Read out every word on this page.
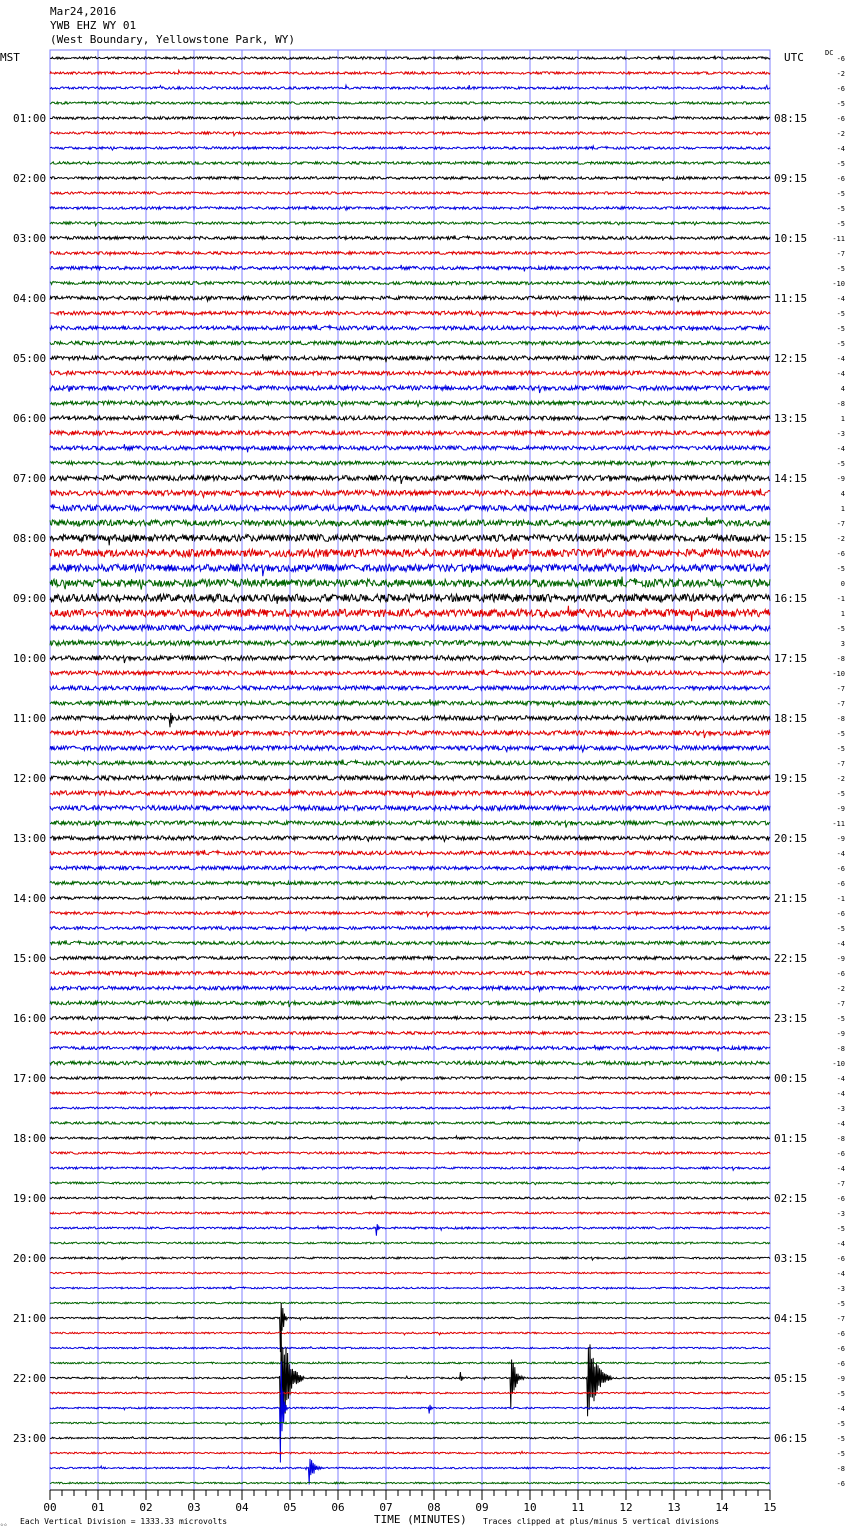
Mar24,2016
YWB EHZ WY 01
(West Boundary, Yellowstone Park, WY)
01:00
02:00
03:00
04:00
05:00
06:00
07:00
08:00
09:00
10:00
11:00
12:00
13:00
14:00
15:00
16:00
17:00
18:00
19:00
20:00
21:00
22:00
23:00
08:15
09:15
10:15
11:15
12:15
13:15
14:15
15:15
16:15
17:15
18:15
19:15
20:15
21:15
22:15
23:15
00:15
01:15
02:15
03:15
04:15
05:15
06:15
-6
-2
-6
-5
-6
-2
-4
-5
-6
-5
-5
-5
-11
-7
-5
-10
-4
-5
-5
-5
-4
-4
4
-8
1
-3
-4
-5
-9
4
1
-7
-2
-6
-5
0
-1
1
-5
3
-8
-10
-7
-7
-8
-5
-5
-7
-2
-5
-9
-11
-9
-4
-6
-6
-1
-6
-5
-4
-9
-6
-2
-7
-5
-9
-8
-10
-4
-4
-3
-4
-8
-6
-4
-7
-6
-3
-5
-4
-6
-4
-3
-5
-7
-6
-6
-6
-9
-5
-4
-5
-5
-5
-8
-6
00	01	02	03	04	05	06	07	08	09	10	11	12	13	14	15
MST	UTC	DC
TIME (MINUTES)
Each Vertical Division = 1333.33 microvolts	Traces clipped at plus/minus 5 vertical divisions
☆☆
